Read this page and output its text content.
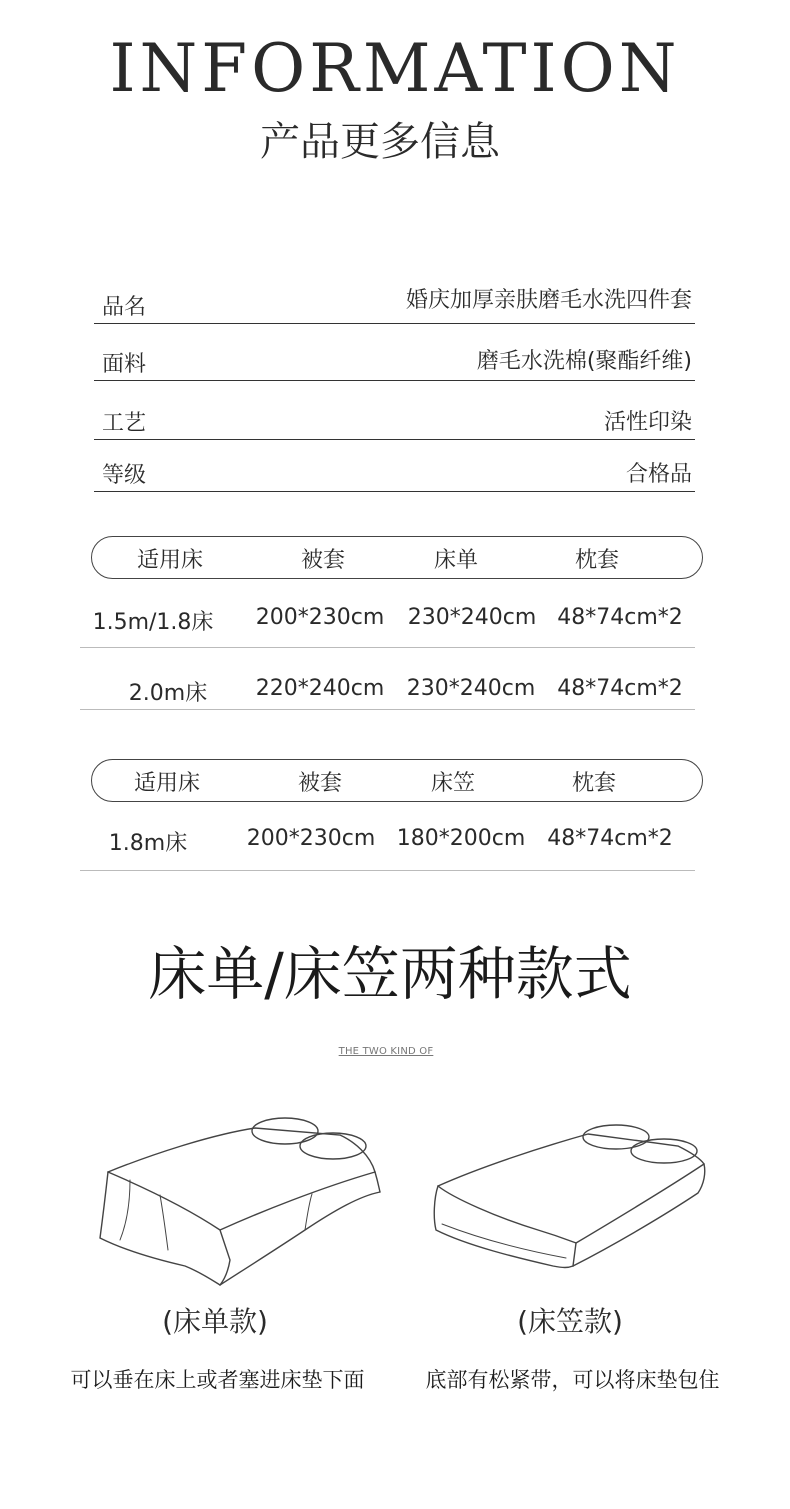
INFORMATION
产品更多信息
品名	婚庆加厚亲肤磨毛水洗四件套
面料	磨毛水洗棉(聚酯纤维)
工艺	活性印染
等级	合格品
适用床	被套	床单	枕套
1.5m/1.8床 200*230cm 230*240cm 48*74cm*2
2.0m床	220*240cm 230*240cm 48*74cm*2
适用床	被套	床笠	枕套
1.8m床	200*230cm 180*200cm 48*74cm*2
床单/床笠两种款式
THE TWO KIND OF
(床单款)	(床笠款)
可以垂在床上或者塞进床垫下面	底部有松紧带，可以将床垫包住
